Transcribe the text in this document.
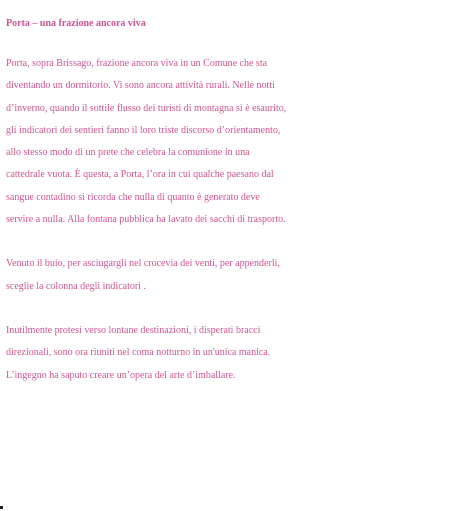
Porta – una frazione ancora viva
Porta, sopra Brissago, frazione ancora viva in un Comune che sta
diventando un dormitorio. Vi sono ancora attività rurali. Nelle notti
d’inverno, quando il sottile flusso dei turisti di montagna si è esaurito,
gli indicatori dei sentieri fanno il loro triste discorso d’orientamento,
allo stesso modo di un prete che celebra la comunione in una
cattedrale vuota. È questa, a Porta, l’ora in cui qualche paesano dal
sangue contadino si ricorda che nulla di quanto è generato deve
servire a nulla. Alla fontana pubblica ha lavato dei sacchi di trasporto.
Venuto il buio, per asciugargli nel crocevia dei venti, per appenderli,
sceglie la colonna degli indicatori .
Inutilmente protesi verso lontane destinazioni, i disperati bracci
direzionali, sono ora riuniti nel coma notturno in un'unica manica.
L’ingegno ha saputo creare un’opera del arte d’imballare.
